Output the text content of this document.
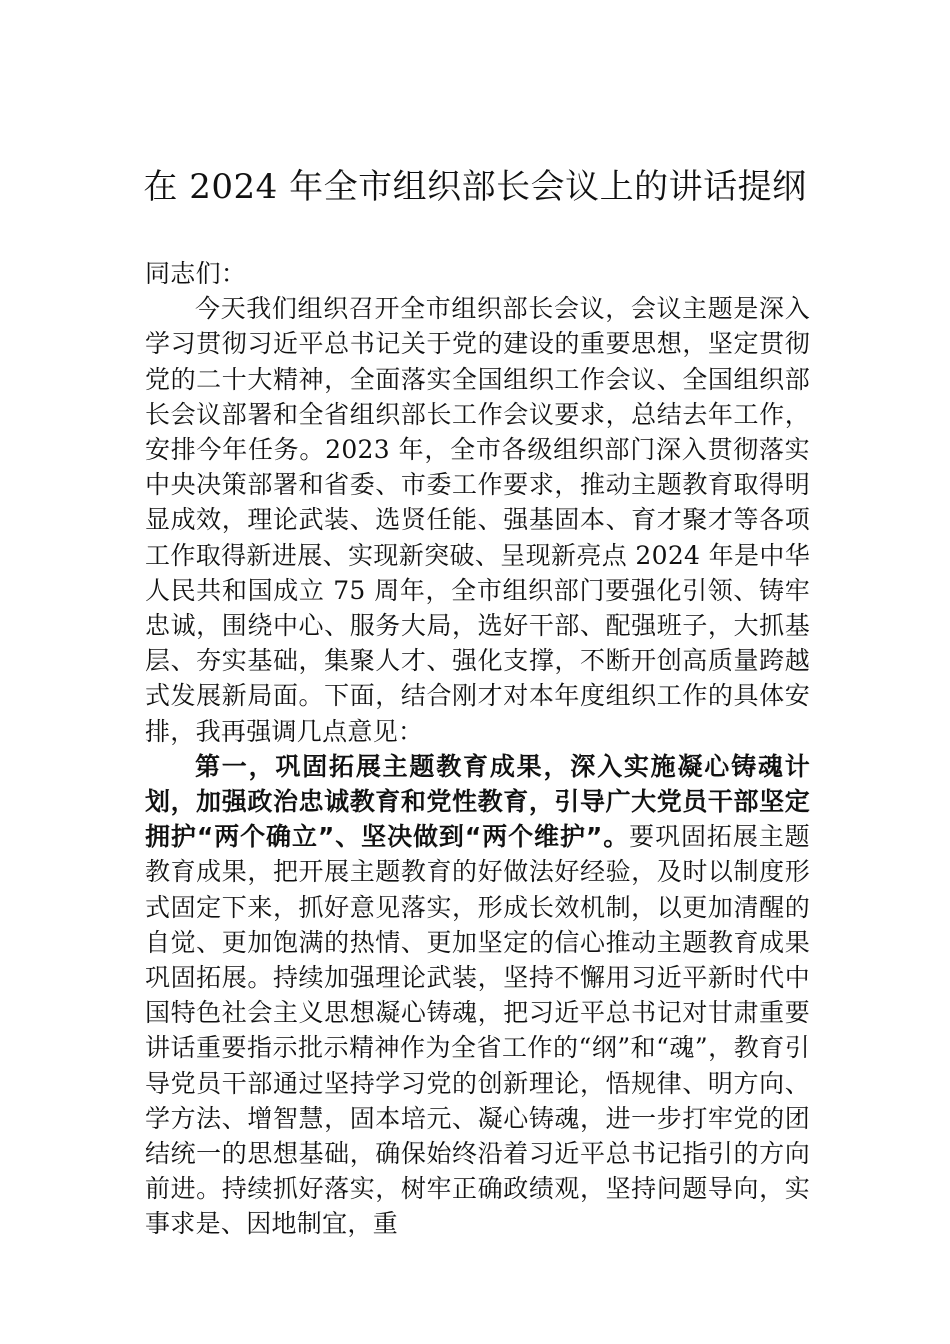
在 2024 年全市组织部长会议上的讲话提纲

同志们：

今天我们组织召开全市组织部长会议，会议主题是深入学习贯彻习近平总书记关于党的建设的重要思想，坚定贯彻党的二十大精神，全面落实全国组织工作会议、全国组织部长会议部署和全省组织部长工作会议要求，总结去年工作，安排今年任务。2023 年，全市各级组织部门深入贯彻落实中央决策部署和省委、市委工作要求，推动主题教育取得明显成效，理论武装、选贤任能、强基固本、育才聚才等各项工作取得新进展、实现新突破、呈现新亮点 2024 年是中华人民共和国成立 75 周年，全市组织部门要强化引领、铸牢忠诚，围绕中心、服务大局，选好干部、配强班子，大抓基层、夯实基础，集聚人才、强化支撑，不断开创高质量跨越式发展新局面。下面，结合刚才对本年度组织工作的具体安排，我再强调几点意见：

第一，巩固拓展主题教育成果，深入实施凝心铸魂计划，加强政治忠诚教育和党性教育，引导广大党员干部坚定拥护“两个确立”、坚决做到“两个维护”。要巩固拓展主题教育成果，把开展主题教育的好做法好经验，及时以制度形式固定下来，抓好意见落实，形成长效机制，以更加清醒的自觉、更加饱满的热情、更加坚定的信心推动主题教育成果巩固拓展。持续加强理论武装，坚持不懈用习近平新时代中国特色社会主义思想凝心铸魂，把习近平总书记对甘肃重要讲话重要指示批示精神作为全省工作的“纲”和“魂”，教育引导党员干部通过坚持学习党的创新理论，悟规律、明方向、学方法、增智慧，固本培元、凝心铸魂，进一步打牢党的团结统一的思想基础，确保始终沿着习近平总书记指引的方向前进。持续抓好落实，树牢正确政绩观，坚持问题导向，实事求是、因地制宜，重
